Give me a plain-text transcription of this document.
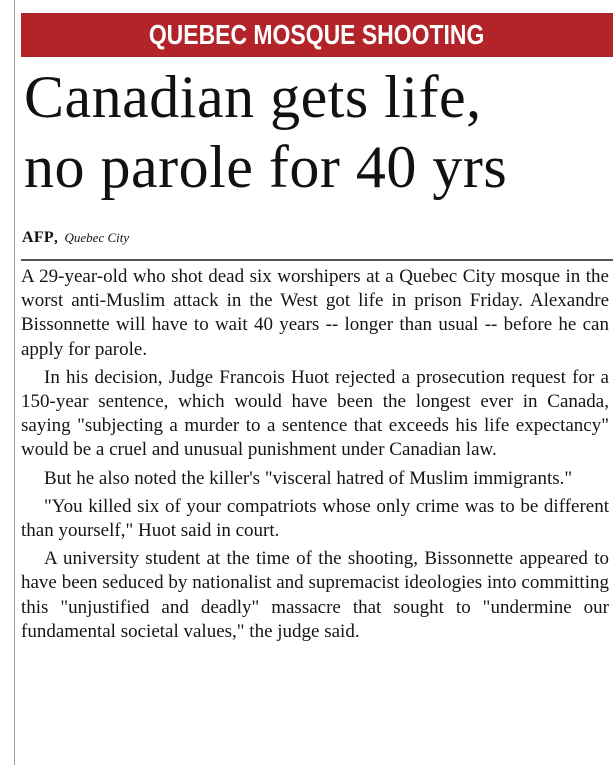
QUEBEC MOSQUE SHOOTING
Canadian gets life,
no parole for 40 yrs
AFP, Quebec City

A 29-year-old who shot dead six worshipers at a Quebec City mosque in the worst anti-Muslim attack in the West got life in prison Friday. Alexandre Bissonnette will have to wait 40 years -- longer than usual -- before he can apply for parole.

In his decision, Judge Francois Huot rejected a prosecution request for a 150-year sentence, which would have been the longest ever in Canada, saying "subjecting a murder to a sentence that exceeds his life expectancy" would be a cruel and unusual punishment under Canadian law.

But he also noted the killer's "visceral hatred of Muslim immigrants."

"You killed six of your compatriots whose only crime was to be different than yourself," Huot said in court.

A university student at the time of the shooting, Bissonnette appeared to have been seduced by nationalist and supremacist ideologies into committing this "unjustified and deadly" massacre that sought to "undermine our fundamental societal values," the judge said.
